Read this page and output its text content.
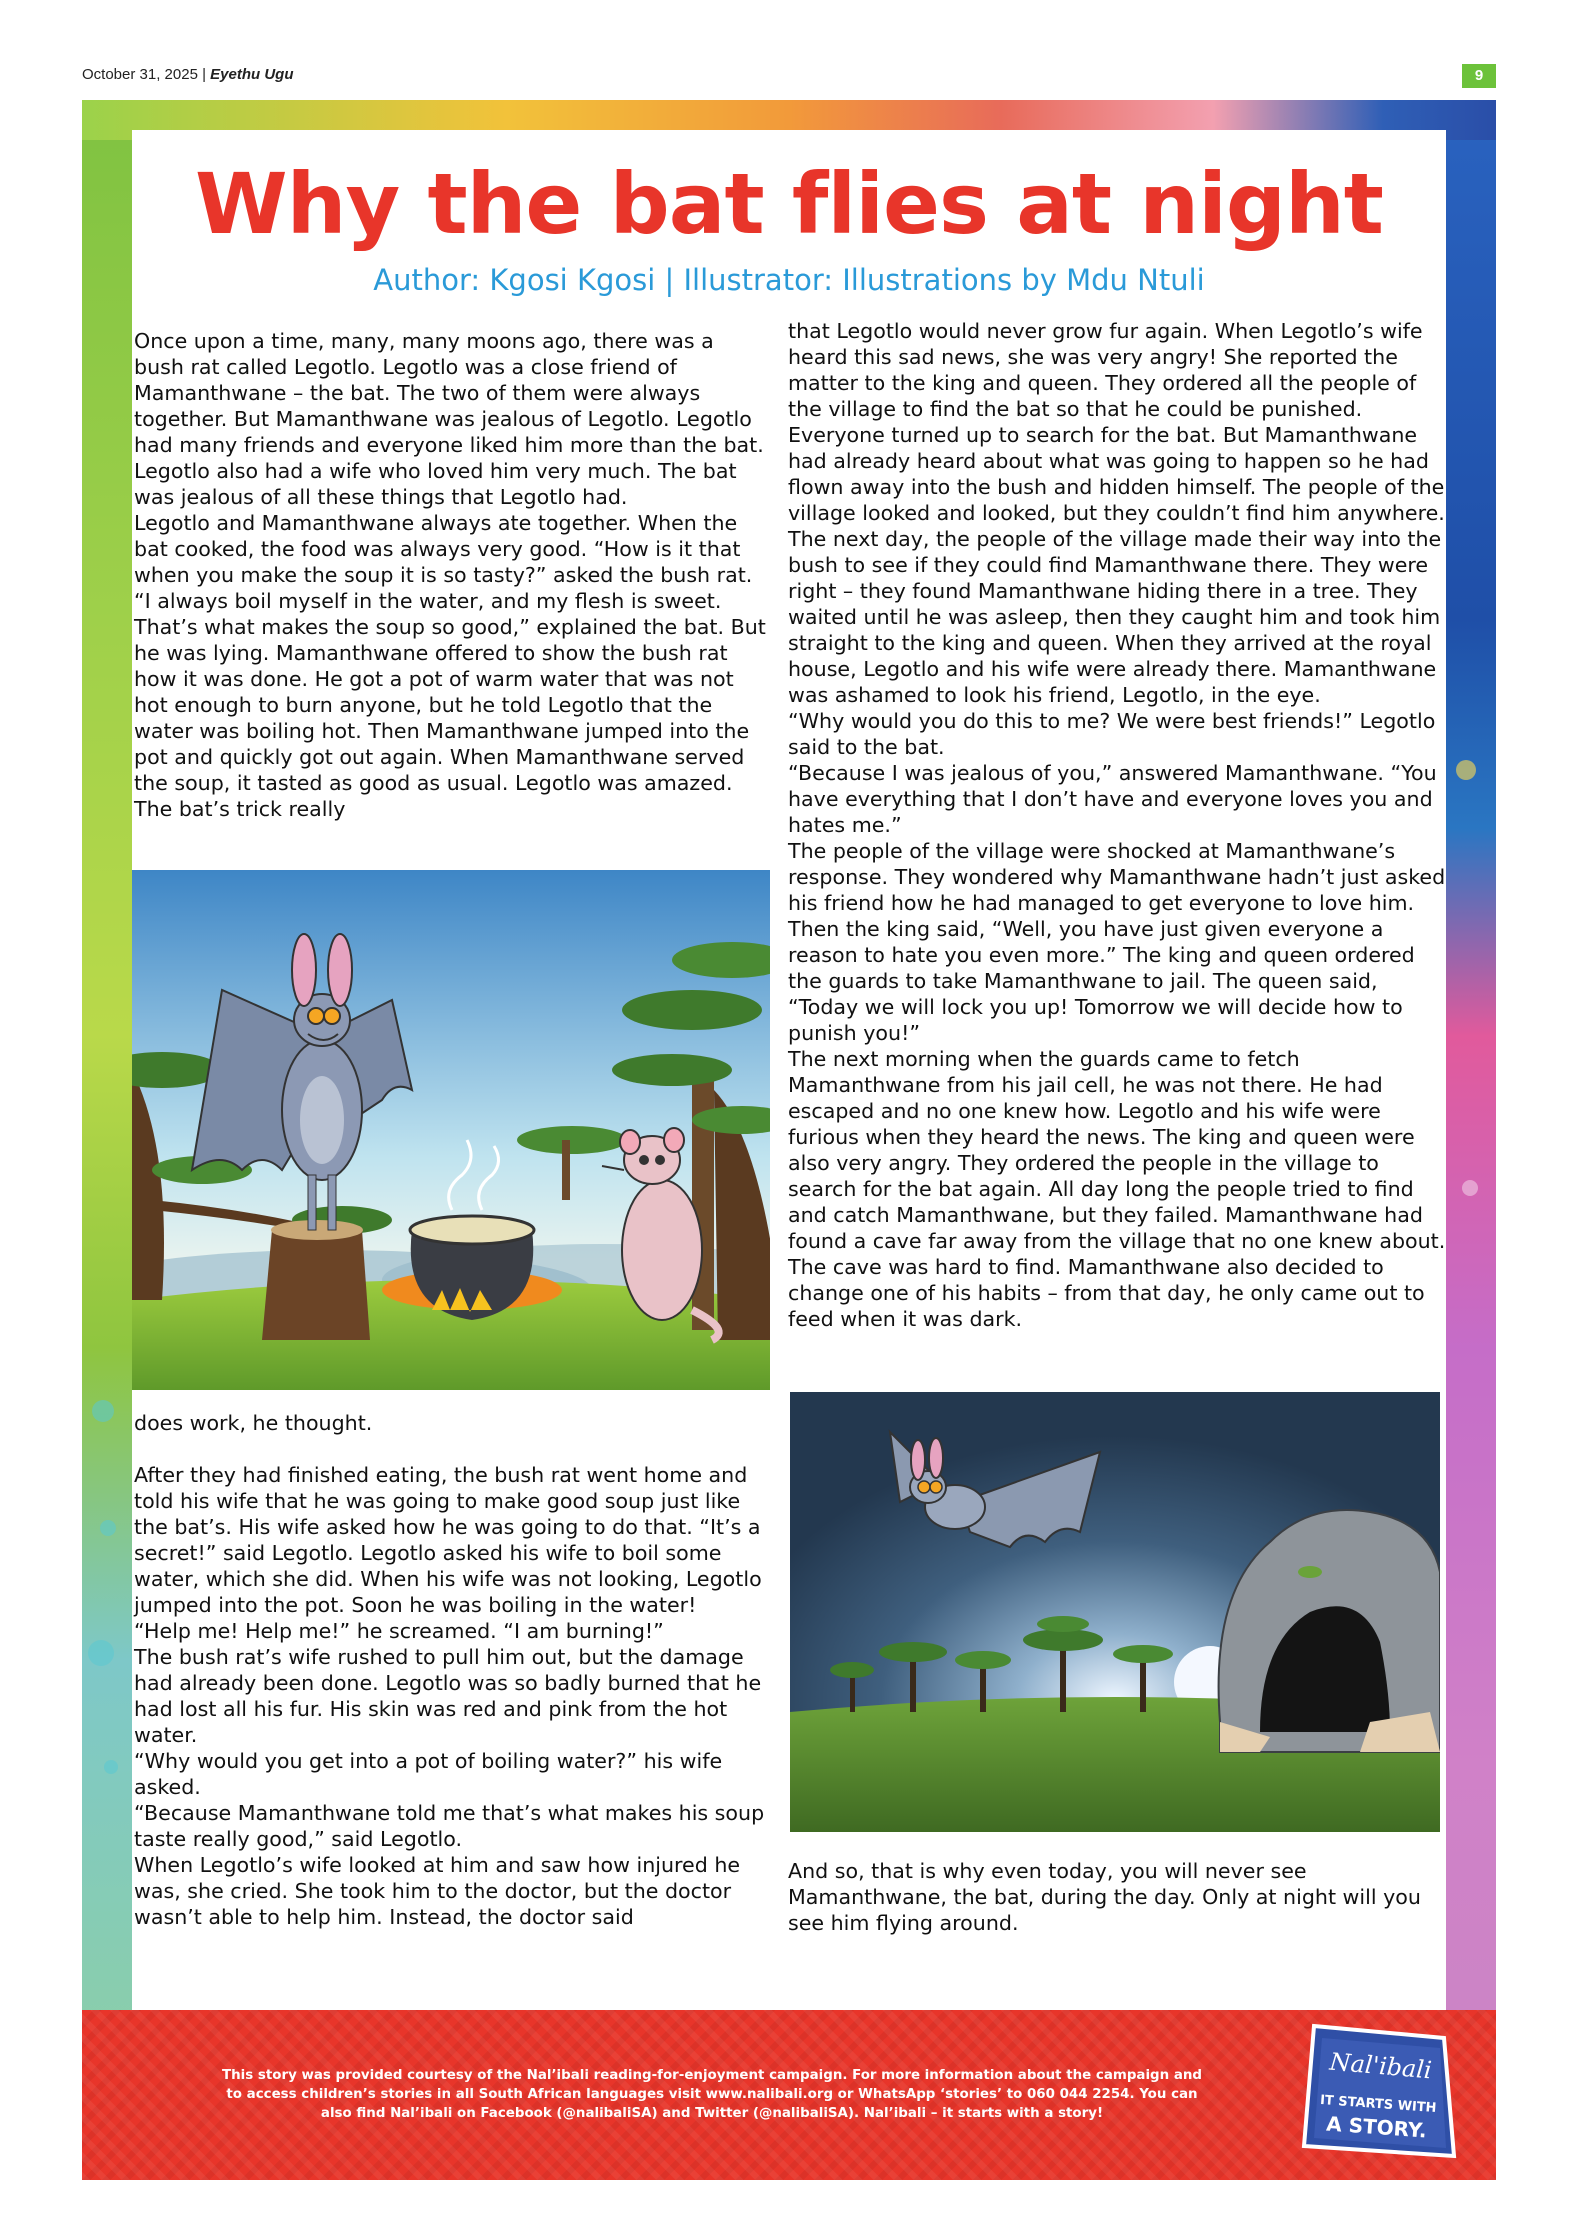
October 31, 2025 | Eyethu Ugu	9
Why the bat flies at night
Author: Kgosi Kgosi | Illustrator: Illustrations by Mdu Ntuli

Once upon a time, many, many moons ago, there was a bush rat called Legotlo. Legotlo was a close friend of Mamanthwane – the bat. The two of them were always together. But Mamanthwane was jealous of Legotlo. Legotlo had many friends and everyone liked him more than the bat. Legotlo also had a wife who loved him very much. The bat was jealous of all these things that Legotlo had.

Legotlo and Mamanthwane always ate together. When the bat cooked, the food was always very good. “How is it that when you make the soup it is so tasty?” asked the bush rat. “I always boil myself in the water, and my flesh is sweet. That’s what makes the soup so good,” explained the bat. But he was lying. Mamanthwane offered to show the bush rat how it was done. He got a pot of warm water that was not hot enough to burn anyone, but he told Legotlo that the water was boiling hot. Then Mamanthwane jumped into the pot and quickly got out again. When Mamanthwane served the soup, it tasted as good as usual. Legotlo was amazed. The bat’s trick really

does work, he thought.

After they had finished eating, the bush rat went home and told his wife that he was going to make good soup just like the bat’s. His wife asked how he was going to do that. “It’s a secret!” said Legotlo. Legotlo asked his wife to boil some water, which she did. When his wife was not looking, Legotlo jumped into the pot. Soon he was boiling in the water!

“Help me! Help me!” he screamed. “I am burning!”

The bush rat’s wife rushed to pull him out, but the damage had already been done. Legotlo was so badly burned that he had lost all his fur. His skin was red and pink from the hot water.

“Why would you get into a pot of boiling water?” his wife asked.

“Because Mamanthwane told me that’s what makes his soup taste really good,” said Legotlo.

When Legotlo’s wife looked at him and saw how injured he was, she cried. She took him to the doctor, but the doctor wasn’t able to help him. Instead, the doctor said

that Legotlo would never grow fur again. When Legotlo’s wife heard this sad news, she was very angry! She reported the matter to the king and queen. They ordered all the people of the village to find the bat so that he could be punished. Everyone turned up to search for the bat. But Mamanthwane had already heard about what was going to happen so he had flown away into the bush and hidden himself. The people of the village looked and looked, but they couldn’t find him anywhere. The next day, the people of the village made their way into the bush to see if they could find Mamanthwane there. They were right – they found Mamanthwane hiding there in a tree. They waited until he was asleep, then they caught him and took him straight to the king and queen. When they arrived at the royal house, Legotlo and his wife were already there. Mamanthwane was ashamed to look his friend, Legotlo, in the eye.

“Why would you do this to me? We were best friends!” Legotlo said to the bat.

“Because I was jealous of you,” answered Mamanthwane. “You have everything that I don’t have and everyone loves you and hates me.”

The people of the village were shocked at Mamanthwane’s response. They wondered why Mamanthwane hadn’t just asked his friend how he had managed to get everyone to love him. Then the king said, “Well, you have just given everyone a reason to hate you even more.” The king and queen ordered the guards to take Mamanthwane to jail. The queen said, “Today we will lock you up! Tomorrow we will decide how to punish you!”

The next morning when the guards came to fetch Mamanthwane from his jail cell, he was not there. He had escaped and no one knew how. Legotlo and his wife were furious when they heard the news. The king and queen were also very angry. They ordered the people in the village to search for the bat again. All day long the people tried to find and catch Mamanthwane, but they failed. Mamanthwane had found a cave far away from the village that no one knew about. The cave was hard to find. Mamanthwane also decided to change one of his habits – from that day, he only came out to feed when it was dark.

And so, that is why even today, you will never see Mamanthwane, the bat, during the day. Only at night will you see him flying around.

This story was provided courtesy of the Nal’ibali reading-for-enjoyment campaign. For more information about the campaign and to access children’s stories in all South African languages visit www.nalibali.org or WhatsApp ‘stories’ to 060 044 2254. You can also find Nal’ibali on Facebook (@nalibaliSA) and Twitter (@nalibaliSA). Nal’ibali – it starts with a story!
Nal'ibali
IT STARTS WITH
A STORY.
